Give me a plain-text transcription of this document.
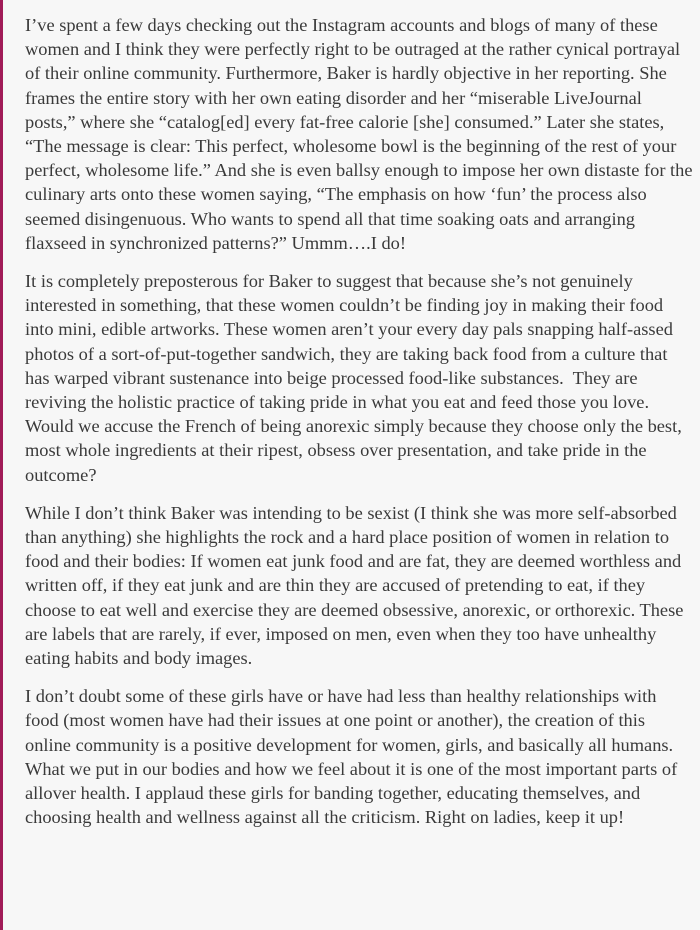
I’ve spent a few days checking out the Instagram accounts and blogs of many of these women and I think they were perfectly right to be outraged at the rather cynical portrayal of their online community. Furthermore, Baker is hardly objective in her reporting. She frames the entire story with her own eating disorder and her “miserable LiveJournal posts,” where she “catalog[ed] every fat-free calorie [she] consumed.” Later she states, “The message is clear: This perfect, wholesome bowl is the beginning of the rest of your perfect, wholesome life.” And she is even ballsy enough to impose her own distaste for the culinary arts onto these women saying, “The emphasis on how ‘fun’ the process also seemed disingenuous. Who wants to spend all that time soaking oats and arranging flaxseed in synchronized patterns?” Ummm….I do!

It is completely preposterous for Baker to suggest that because she’s not genuinely interested in something, that these women couldn’t be finding joy in making their food into mini, edible artworks. These women aren’t your every day pals snapping half-assed photos of a sort-of-put-together sandwich, they are taking back food from a culture that has warped vibrant sustenance into beige processed food-like substances.  They are reviving the holistic practice of taking pride in what you eat and feed those you love.  Would we accuse the French of being anorexic simply because they choose only the best, most whole ingredients at their ripest, obsess over presentation, and take pride in the outcome?

While I don’t think Baker was intending to be sexist (I think she was more self-absorbed than anything) she highlights the rock and a hard place position of women in relation to food and their bodies: If women eat junk food and are fat, they are deemed worthless and written off, if they eat junk and are thin they are accused of pretending to eat, if they choose to eat well and exercise they are deemed obsessive, anorexic, or orthorexic. These are labels that are rarely, if ever, imposed on men, even when they too have unhealthy eating habits and body images.

I don’t doubt some of these girls have or have had less than healthy relationships with food (most women have had their issues at one point or another), the creation of this online community is a positive development for women, girls, and basically all humans. What we put in our bodies and how we feel about it is one of the most important parts of allover health. I applaud these girls for banding together, educating themselves, and choosing health and wellness against all the criticism. Right on ladies, keep it up!
